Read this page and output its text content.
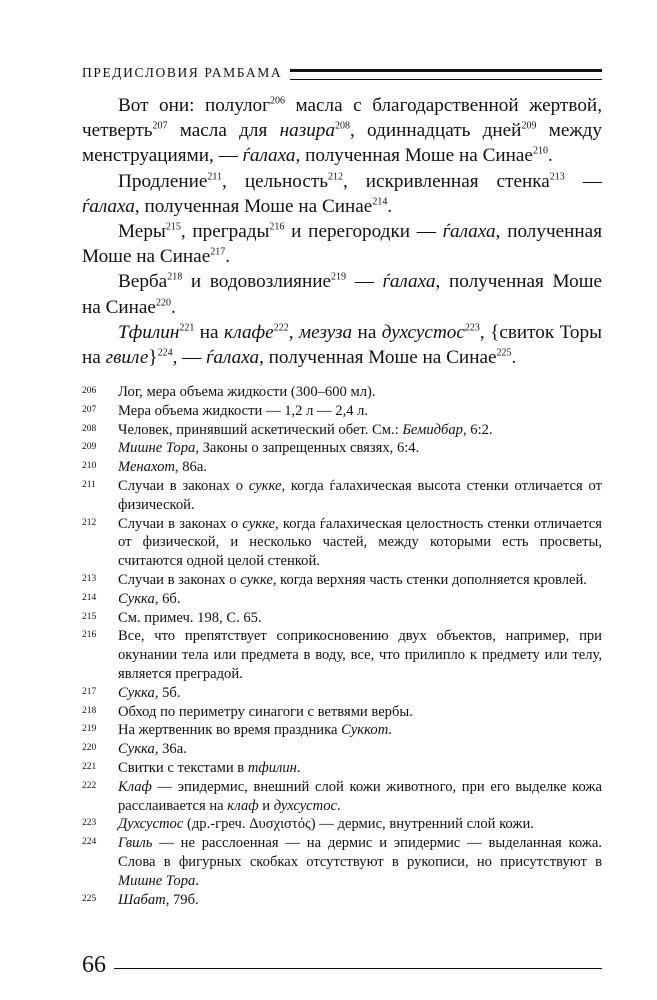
ПРЕДИСЛОВИЯ РАМБАМА

Вот они: полулог$^{206}$ масла с благодарственной жертвой, четверть$^{207}$ масла для назира$^{208}$, одиннадцать дней$^{209}$ между менструациями, — ѓалаха, полученная Моше на Синае$^{210}$.

Продление$^{211}$, цельность$^{212}$, искривленная стенка$^{213}$ — ѓалаха, полученная Моше на Синае$^{214}$.

Меры$^{215}$, преграды$^{216}$ и перегородки — ѓалаха, полученная Моше на Синае$^{217}$.

Верба$^{218}$ и водовозлияние$^{219}$ — ѓалаха, полученная Моше на Синае$^{220}$.

Тфилин$^{221}$ на клафе$^{222}$, мезуза на духсустос$^{223}$, {свиток Торы на гвиле}$^{224}$, — ѓалаха, полученная Моше на Синае$^{225}$.

206	Лог, мера объема жидкости (300–600 мл).
207	Мера объема жидкости — 1,2 л — 2,4 л.
208	Человек, принявший аскетический обет. См.: Бемидбар, 6:2.
209	Мишне Тора, Законы о запрещенных связях, 6:4.
210	Менахот, 86а.
211	Случаи в законах о сукке, когда ѓалахическая высота стенки отличается от физической.
212	Случаи в законах о сукке, когда ѓалахическая целостность стенки отличается от физической, и несколько частей, между которыми есть просветы, считаются одной целой стенкой.
213	Случаи в законах о сукке, когда верхняя часть стенки дополняется кровлей.
214	Сукка, 6б.
215	См. примеч. 198, С. 65.
216	Все, что препятствует соприкосновению двух объектов, например, при окунании тела или предмета в воду, все, что прилипло к предмету или телу, является преградой.
217	Сукка, 5б.
218	Обход по периметру синагоги с ветвями вербы.
219	На жертвенник во время праздника Суккот.
220	Сукка, 36а.
221	Свитки с текстами в тфилин.
222	Клаф — эпидермис, внешний слой кожи животного, при его выделке кожа расслаивается на клаф и духсустос.
223	Духсустос (др.-греч. Δυσχιστός) — дермис, внутренний слой кожи.
224	Гвиль — не расслоенная — на дермис и эпидермис — выделанная кожа. Слова в фигурных скобках отсутствуют в рукописи, но присутствуют в Мишне Тора.
225	Шабат, 79б.
66
